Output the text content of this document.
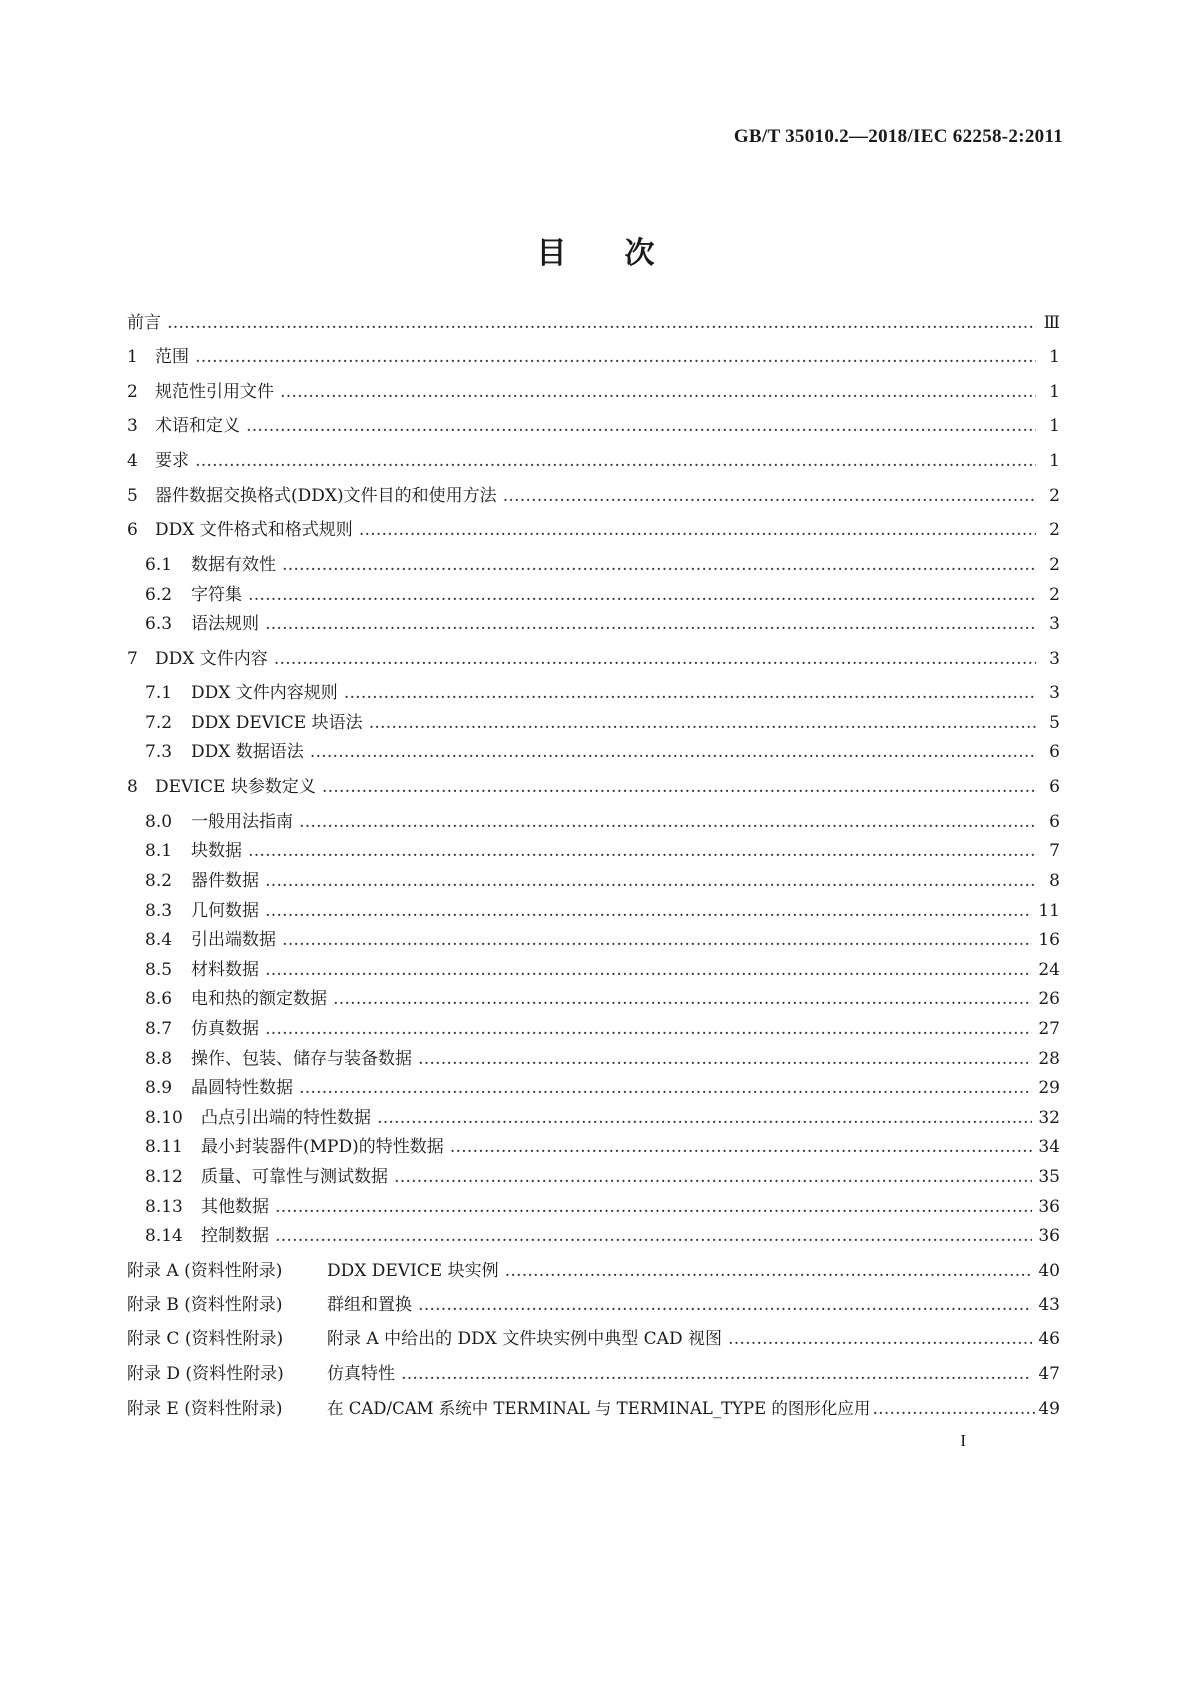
GB/T 35010.2—2018/IEC 62258-2:2011
目次
前言 …………………………………………………………………………………………………………………………………………………………………………………………	Ⅲ
1	范围 …………………………………………………………………………………………………………………………………………………………………………………………	1
2	规范性引用文件 …………………………………………………………………………………………………………………………………………………………………………………………	1
3	术语和定义 …………………………………………………………………………………………………………………………………………………………………………………………	1
4	要求 …………………………………………………………………………………………………………………………………………………………………………………………	1
5	器件数据交换格式(DDX)文件目的和使用方法 …………………………………………………………………………………………………………………………………………………………………………………………	2
6	DDX 文件格式和格式规则 …………………………………………………………………………………………………………………………………………………………………………………………	2
6.1	数据有效性 …………………………………………………………………………………………………………………………………………………………………………………………	2
6.2	字符集 …………………………………………………………………………………………………………………………………………………………………………………………	2
6.3	语法规则 …………………………………………………………………………………………………………………………………………………………………………………………	3
7	DDX 文件内容 …………………………………………………………………………………………………………………………………………………………………………………………	3
7.1	DDX 文件内容规则 …………………………………………………………………………………………………………………………………………………………………………………………	3
7.2	DDX DEVICE 块语法 …………………………………………………………………………………………………………………………………………………………………………………………	5
7.3	DDX 数据语法 …………………………………………………………………………………………………………………………………………………………………………………………	6
8	DEVICE 块参数定义 …………………………………………………………………………………………………………………………………………………………………………………………	6
8.0	一般用法指南 …………………………………………………………………………………………………………………………………………………………………………………………	6
8.1	块数据 …………………………………………………………………………………………………………………………………………………………………………………………	7
8.2	器件数据 …………………………………………………………………………………………………………………………………………………………………………………………	8
8.3	几何数据 …………………………………………………………………………………………………………………………………………………………………………………………	11
8.4	引出端数据 …………………………………………………………………………………………………………………………………………………………………………………………	16
8.5	材料数据 …………………………………………………………………………………………………………………………………………………………………………………………	24
8.6	电和热的额定数据 …………………………………………………………………………………………………………………………………………………………………………………………	26
8.7	仿真数据 …………………………………………………………………………………………………………………………………………………………………………………………	27
8.8	操作、包装、储存与装备数据 …………………………………………………………………………………………………………………………………………………………………………………………	28
8.9	晶圆特性数据 …………………………………………………………………………………………………………………………………………………………………………………………	29
8.10	凸点引出端的特性数据 …………………………………………………………………………………………………………………………………………………………………………………………	32
8.11	最小封装器件(MPD)的特性数据 …………………………………………………………………………………………………………………………………………………………………………………………	34
8.12	质量、可靠性与测试数据 …………………………………………………………………………………………………………………………………………………………………………………………	35
8.13	其他数据 …………………………………………………………………………………………………………………………………………………………………………………………	36
8.14	控制数据 …………………………………………………………………………………………………………………………………………………………………………………………	36
附录 A (资料性附录)	DDX DEVICE 块实例 …………………………………………………………………………………………………………………………………………………………………………………………	40
附录 B (资料性附录)	群组和置换 …………………………………………………………………………………………………………………………………………………………………………………………	43
附录 C (资料性附录)	附录 A 中给出的 DDX 文件块实例中典型 CAD 视图 …………………………………………………………………………………………………………………………………………………………………………………………	46
附录 D (资料性附录)	仿真特性 …………………………………………………………………………………………………………………………………………………………………………………………	47
附录 E (资料性附录)	在 CAD/CAM 系统中 TERMINAL 与 TERMINAL_TYPE 的图形化应用 …………………………………………………………………………………………………………………………………………………………………………………………	49
I
